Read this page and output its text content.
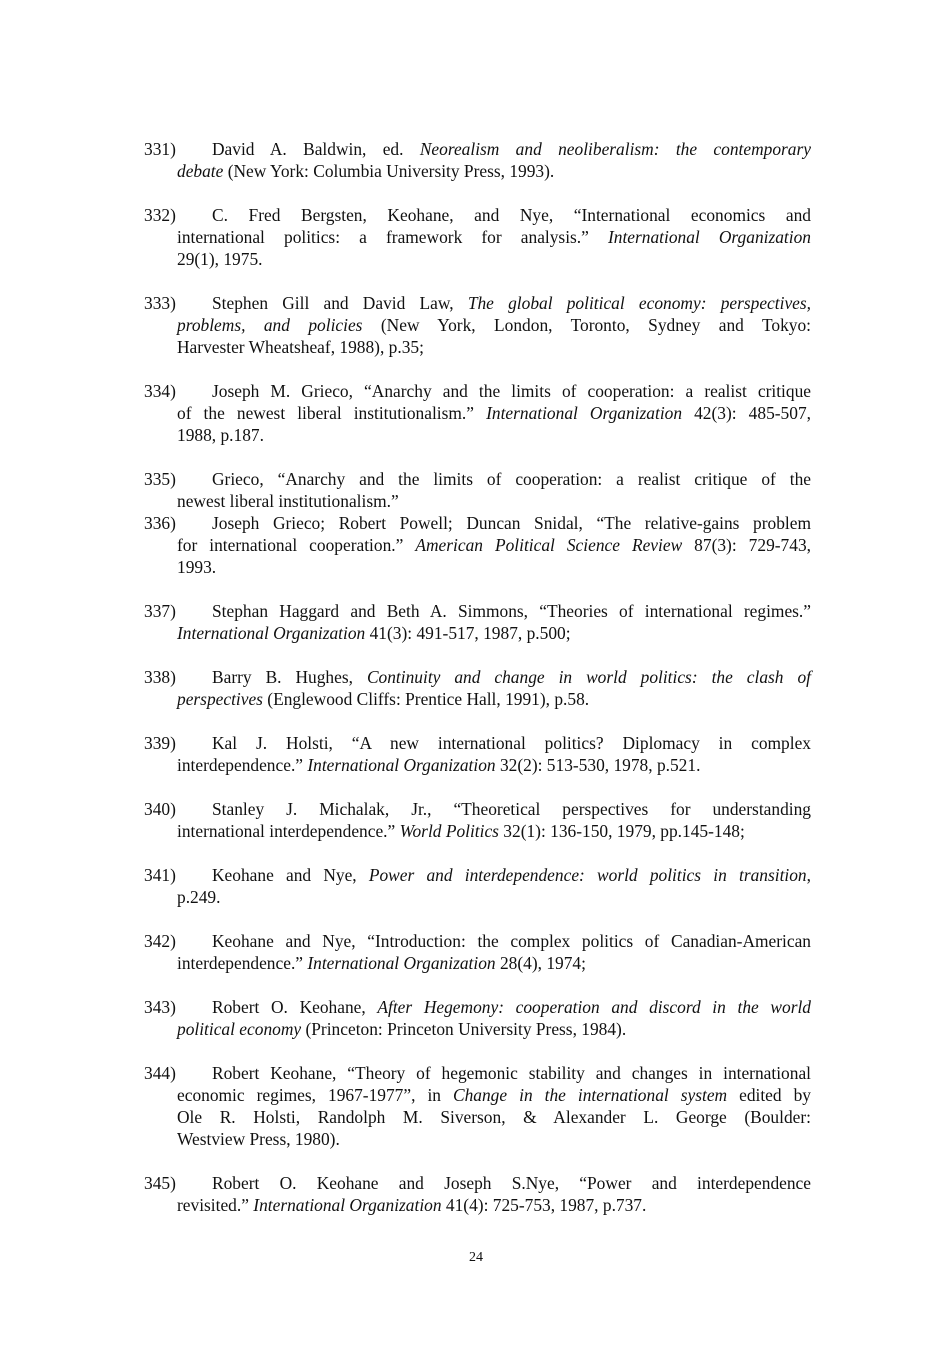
331) David A. Baldwin, ed. Neorealism and neoliberalism: the contemporary
debate (New York: Columbia University Press, 1993).

332) C. Fred Bergsten, Keohane, and Nye, “International economics and
international politics: a framework for analysis.” International Organization
29(1), 1975.

333) Stephen Gill and David Law, The global political economy: perspectives,
problems, and policies (New York, London, Toronto, Sydney and Tokyo:
Harvester Wheatsheaf, 1988), p.35;

334) Joseph M. Grieco, “Anarchy and the limits of cooperation: a realist critique
of the newest liberal institutionalism.” International Organization 42(3): 485-507,
1988, p.187.

335) Grieco, “Anarchy and the limits of cooperation: a realist critique of the
newest liberal institutionalism.”

336) Joseph Grieco; Robert Powell; Duncan Snidal, “The relative-gains problem
for international cooperation.” American Political Science Review 87(3): 729-743,
1993.

337) Stephan Haggard and Beth A. Simmons, “Theories of international regimes.”
International Organization 41(3): 491-517, 1987, p.500;

338) Barry B. Hughes, Continuity and change in world politics: the clash of
perspectives (Englewood Cliffs: Prentice Hall, 1991), p.58.

339) Kal J. Holsti, “A new international politics? Diplomacy in complex
interdependence.” International Organization 32(2): 513-530, 1978, p.521.

340) Stanley J. Michalak, Jr., “Theoretical perspectives for understanding
international interdependence.” World Politics 32(1): 136-150, 1979, pp.145-148;

341) Keohane and Nye, Power and interdependence: world politics in transition,
p.249.

342) Keohane and Nye, “Introduction: the complex politics of Canadian-American
interdependence.” International Organization 28(4), 1974;

343) Robert O. Keohane, After Hegemony: cooperation and discord in the world
political economy (Princeton: Princeton University Press, 1984).

344) Robert Keohane, “Theory of hegemonic stability and changes in international
economic regimes, 1967-1977”, in Change in the international system edited by
Ole R. Holsti, Randolph M. Siverson, & Alexander L. George (Boulder:
Westview Press, 1980).

345) Robert O. Keohane and Joseph S.Nye, “Power and interdependence
revisited.” International Organization 41(4): 725-753, 1987, p.737.

24
